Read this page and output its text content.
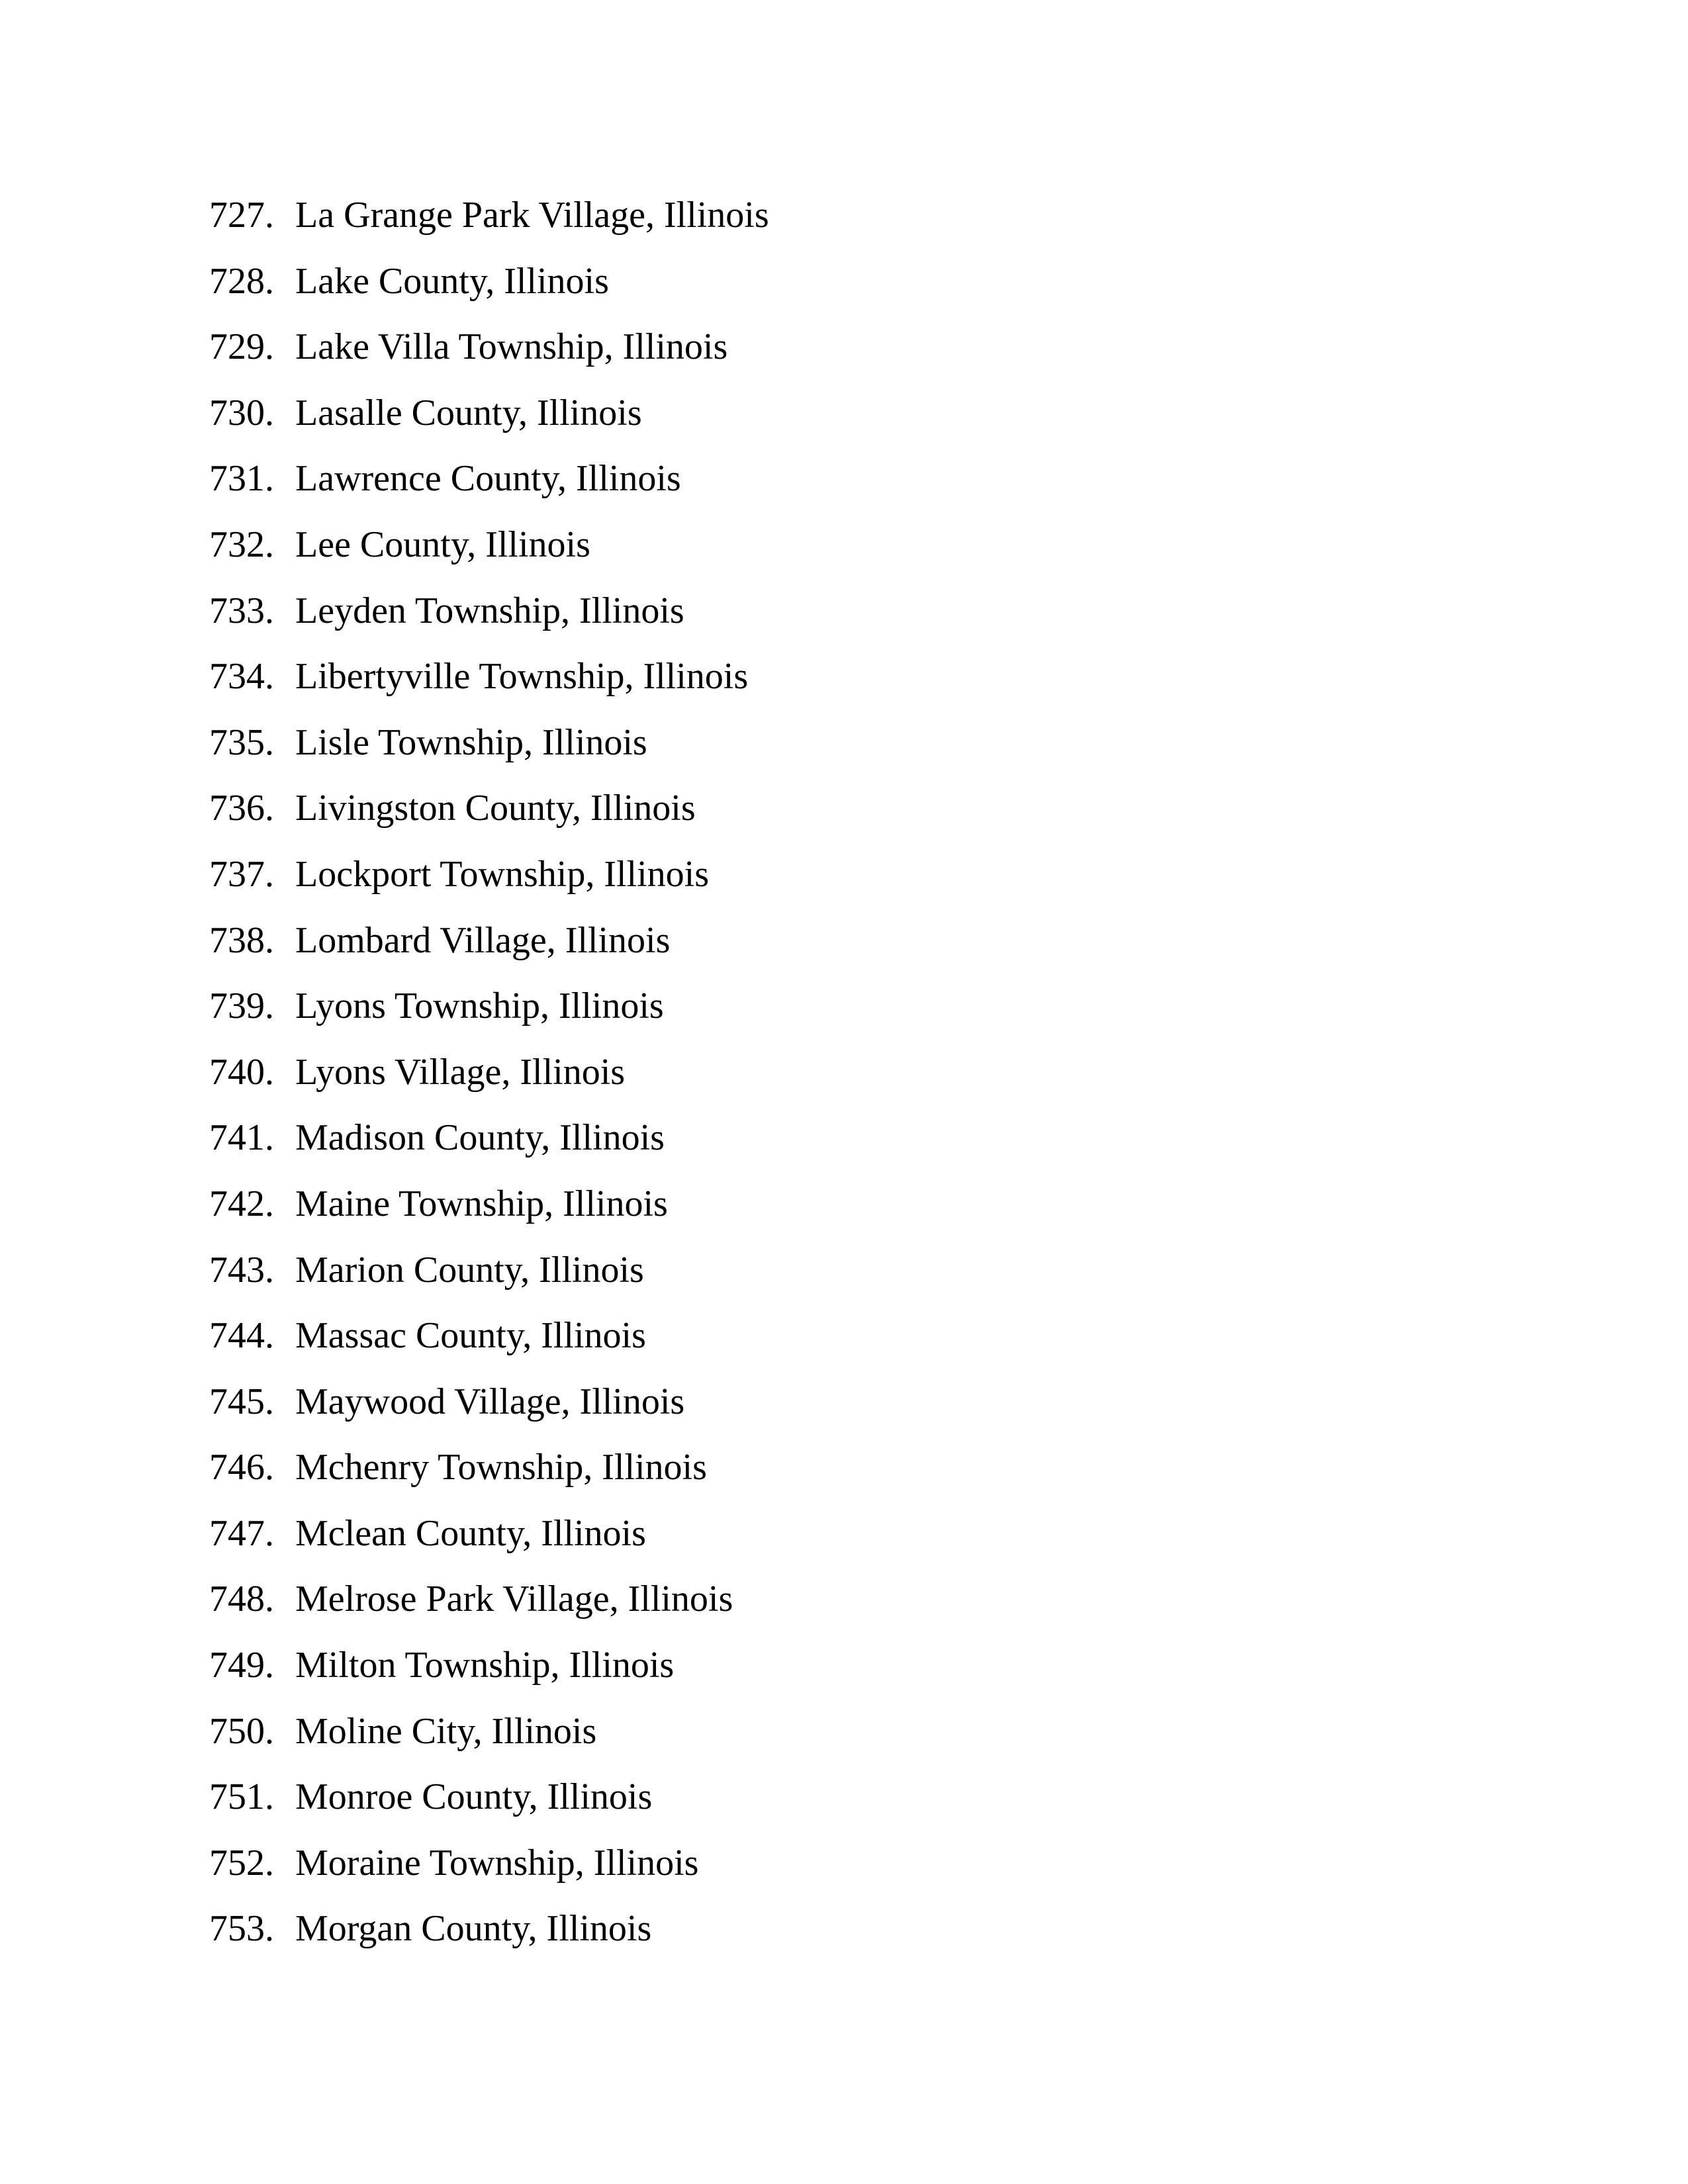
727. La Grange Park Village, Illinois
728. Lake County, Illinois
729. Lake Villa Township, Illinois
730. Lasalle County, Illinois
731. Lawrence County, Illinois
732. Lee County, Illinois
733. Leyden Township, Illinois
734. Libertyville Township, Illinois
735. Lisle Township, Illinois
736. Livingston County, Illinois
737. Lockport Township, Illinois
738. Lombard Village, Illinois
739. Lyons Township, Illinois
740. Lyons Village, Illinois
741. Madison County, Illinois
742. Maine Township, Illinois
743. Marion County, Illinois
744. Massac County, Illinois
745. Maywood Village, Illinois
746. Mchenry Township, Illinois
747. Mclean County, Illinois
748. Melrose Park Village, Illinois
749. Milton Township, Illinois
750. Moline City, Illinois
751. Monroe County, Illinois
752. Moraine Township, Illinois
753. Morgan County, Illinois
